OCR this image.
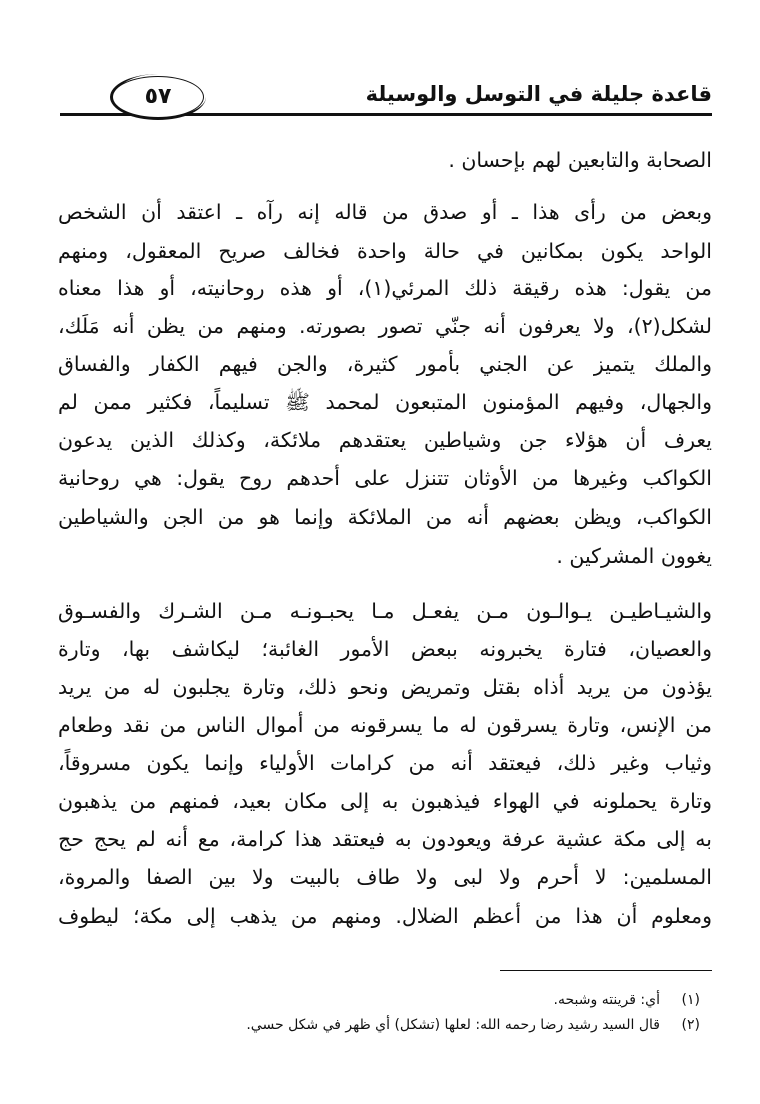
قاعدة جليلة في التوسل والوسيلة
٥٧
الصحابة والتابعين لهم بإحسان .
وبعض من رأى هذا ـ أو صدق من قاله إنه رآه ـ اعتقد أن الشخص
الواحد يكون بمكانين في حالة واحدة فخالف صريح المعقول، ومنهم
من يقول: هذه رقيقة ذلك المرئي(١)، أو هذه روحانيته، أو هذا معناه
لشكل(٢)، ولا يعرفون أنه جنّي تصور بصورته. ومنهم من يظن أنه مَلَك،
والملك يتميز عن الجني بأمور كثيرة، والجن فيهم الكفار والفساق
والجهال، وفيهم المؤمنون المتبعون لمحمد ﷺ تسليماً، فكثير ممن لم
يعرف أن هؤلاء جن وشياطين يعتقدهم ملائكة، وكذلك الذين يدعون
الكواكب وغيرها من الأوثان تتنزل على أحدهم روح يقول: هي روحانية
الكواكب، ويظن بعضهم أنه من الملائكة وإنما هو من الجن والشياطين
يغوون المشركين .
والشيـاطيـن يـوالـون مـن يفعـل مـا يحبـونـه مـن الشـرك والفسـوق
والعصيان، فتارة يخبرونه ببعض الأمور الغائبة؛ ليكاشف بها، وتارة
يؤذون من يريد أذاه بقتل وتمريض ونحو ذلك، وتارة يجلبون له من يريد
من الإنس، وتارة يسرقون له ما يسرقونه من أموال الناس من نقد وطعام
وثياب وغير ذلك، فيعتقد أنه من كرامات الأولياء وإنما يكون مسروقاً،
وتارة يحملونه في الهواء فيذهبون به إلى مكان بعيد، فمنهم من يذهبون
به إلى مكة عشية عرفة ويعودون به فيعتقد هذا كرامة، مع أنه لم يحج حج
المسلمين: لا أحرم ولا لبى ولا طاف بالبيت ولا بين الصفا والمروة،
ومعلوم أن هذا من أعظم الضلال. ومنهم من يذهب إلى مكة؛ ليطوف
(١)أي: قرينته وشبحه.
(٢)قال السيد رشيد رضا رحمه الله: لعلها (تشكل) أي ظهر في شكل حسي.
